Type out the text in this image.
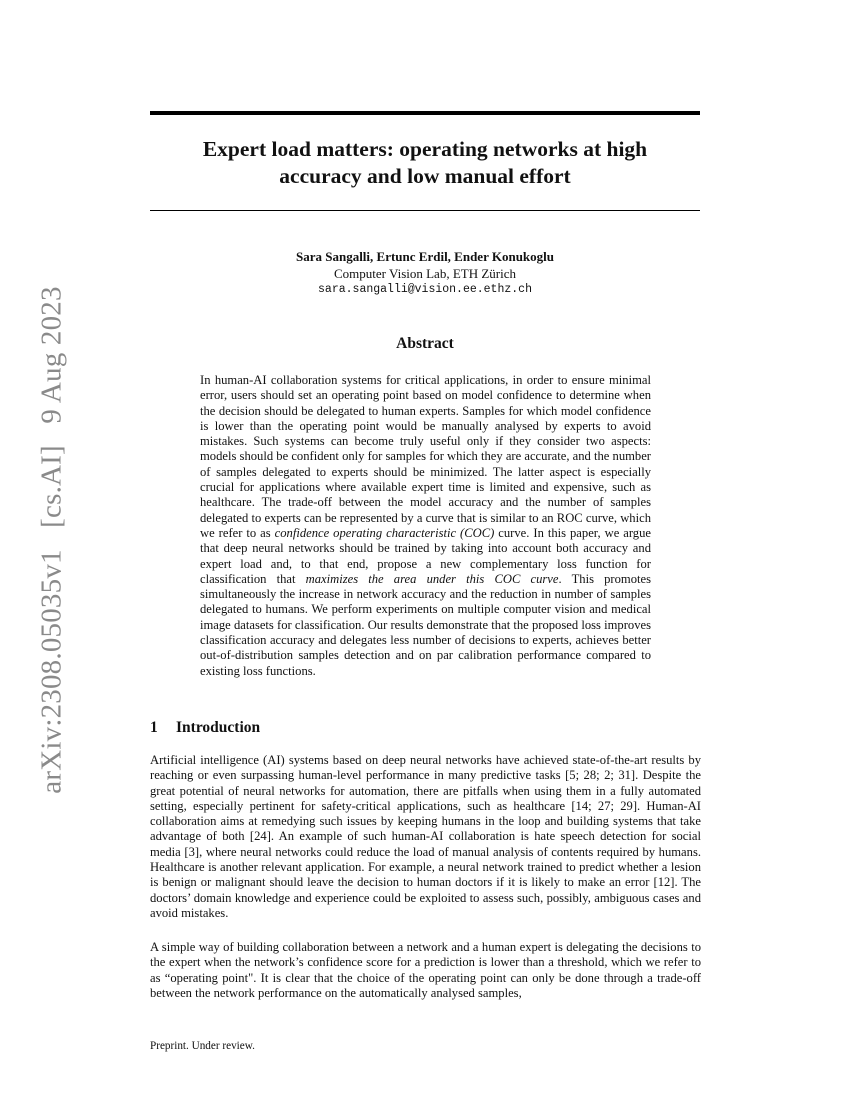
arXiv:2308.05035v1 [cs.AI] 9 Aug 2023
Expert load matters: operating networks at high
accuracy and low manual effort
Sara Sangalli, Ertunc Erdil, Ender Konukoglu
Computer Vision Lab, ETH Zürich
sara.sangalli@vision.ee.ethz.ch
Abstract

In human-AI collaboration systems for critical applications, in order to ensure minimal error, users should set an operating point based on model confidence to determine when the decision should be delegated to human experts. Samples for which model confidence is lower than the operating point would be manually analysed by experts to avoid mistakes. Such systems can become truly useful only if they consider two aspects: models should be confident only for samples for which they are accurate, and the number of samples delegated to experts should be minimized. The latter aspect is especially crucial for applications where available expert time is limited and expensive, such as healthcare. The trade-off between the model accuracy and the number of samples delegated to experts can be represented by a curve that is similar to an ROC curve, which we refer to as confidence operating characteristic (COC) curve. In this paper, we argue that deep neural networks should be trained by taking into account both accuracy and expert load and, to that end, propose a new complementary loss function for classification that maximizes the area under this COC curve. This promotes simultaneously the increase in network accuracy and the reduction in number of samples delegated to humans. We perform experiments on multiple computer vision and medical image datasets for classification. Our results demonstrate that the proposed loss improves classification accuracy and delegates less number of decisions to experts, achieves better out-of-distribution samples detection and on par calibration performance compared to existing loss functions.

1 Introduction

Artificial intelligence (AI) systems based on deep neural networks have achieved state-of-the-art results by reaching or even surpassing human-level performance in many predictive tasks [5; 28; 2; 31]. Despite the great potential of neural networks for automation, there are pitfalls when using them in a fully automated setting, especially pertinent for safety-critical applications, such as healthcare [14; 27; 29]. Human-AI collaboration aims at remedying such issues by keeping humans in the loop and building systems that take advantage of both [24]. An example of such human-AI collaboration is hate speech detection for social media [3], where neural networks could reduce the load of manual analysis of contents required by humans. Healthcare is another relevant application. For example, a neural network trained to predict whether a lesion is benign or malignant should leave the decision to human doctors if it is likely to make an error [12]. The doctors’ domain knowledge and experience could be exploited to assess such, possibly, ambiguous cases and avoid mistakes.

A simple way of building collaboration between a network and a human expert is delegating the decisions to the expert when the network’s confidence score for a prediction is lower than a threshold, which we refer to as “operating point". It is clear that the choice of the operating point can only be done through a trade-off between the network performance on the automatically analysed samples,

Preprint. Under review.
